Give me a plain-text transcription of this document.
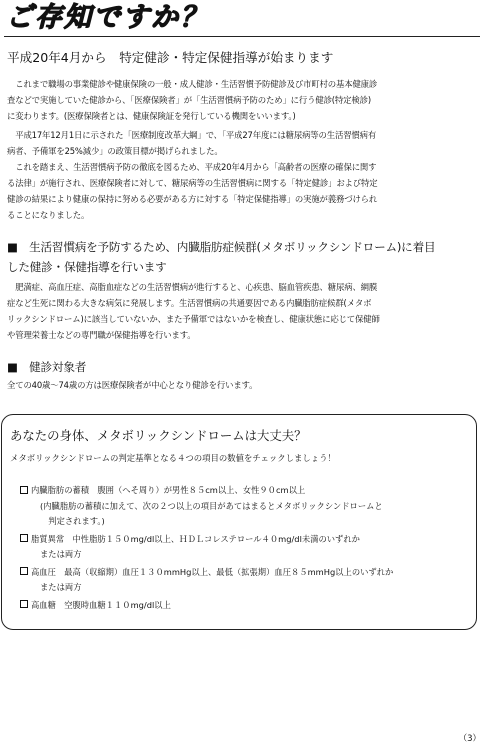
ご存知ですか？
平成20年4月から　特定健診・特定保健指導が始まります

　これまで職場の事業健診や健康保険の一般・成人健診・生活習慣予防健診及び市町村の基本健康診
査などで実施していた健診から、「医療保険者」が「生活習慣病予防のため」に行う健診(特定検診)
に変わります。(医療保険者とは、健康保険証を発行している機関をいいます。)

　平成17年12月1日に示された「医療制度改革大綱」で、「平成27年度には糖尿病等の生活習慣病有
病者、予備軍を25%減少」の政策目標が掲げられました。

　これを踏まえ、生活習慣病予防の徹底を図るため、平成20年4月から「高齢者の医療の確保に関す
る法律」が施行され、医療保険者に対して、糖尿病等の生活習慣病に関する「特定健診」および特定
健診の結果により健康の保持に努める必要がある方に対する「特定保健指導」の実施が義務づけられ
ることになりました。

■　生活習慣病を予防するため、内臓脂肪症候群(メタボリックシンドローム)に着目
した健診・保健指導を行います

　肥満症、高血圧症、高脂血症などの生活習慣病が進行すると、心疾患、脳血管疾患、糖尿病、網膜
症など生死に関わる大きな病気に発展します。生活習慣病の共通要因である内臓脂肪症候群(メタボ
リックシンドローム)に該当していないか、また予備軍ではないかを検査し、健康状態に応じて保健師
や管理栄養士などの専門職が保健指導を行います。

■　健診対象者

全ての40歳～74歳の方は医療保険者が中心となり健診を行います。

あなたの身体、メタボリックシンドロームは大丈夫？
メタボリックシンドロームの判定基準となる４つの項目の数値をチェックしましょう！
内臓脂肪の蓄積　腹囲（へそ周り）が男性８５cm以上、女性９０cm以上
(内臓脂肪の蓄積に加えて、次の２つ以上の項目があてはまるとメタボリックシンドロームと
　判定されます。)
脂質異常　中性脂肪１５０mg/dl以上、ＨＤＬコレステロール４０mg/dl未満のいずれか
または両方
高血圧　最高（収縮期）血圧１３０mmHg以上、最低（拡張期）血圧８５mmHg以上のいずれか
または両方
高血糖　空腹時血糖１１０mg/dl以上
（3）
